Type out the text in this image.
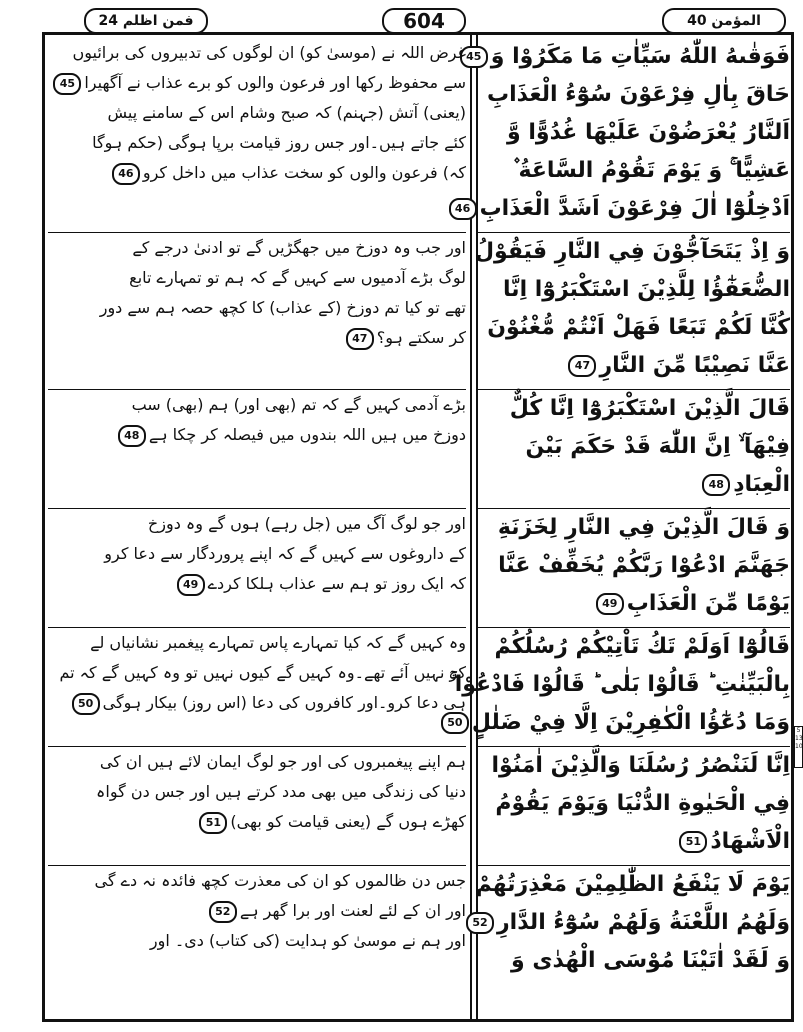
فمن اظلم 24	604	المؤمن 40
فَوَقٰىهُ اللّٰهُ سَيِّاٰتِ مَا مَكَرُوْا وَ45
حَاقَ بِاٰلِ فِرْعَوْنَ سُوْٓءُ الْعَذَابِ
اَلنَّارُ يُعْرَضُوْنَ عَلَيْهَا غُدُوًّا وَّ
عَشِيًّا ۚ وَ يَوْمَ تَقُوْمُ السَّاعَةُ ۫
اَدْخِلُوْٓا اٰلَ فِرْعَوْنَ اَشَدَّ الْعَذَابِ46
وَ اِذْ يَتَحَآجُّوْنَ فِي النَّارِ فَيَقُوْلُ
الضُّعَفٰٓؤُا لِلَّذِيْنَ اسْتَكْبَرُوْٓا اِنَّا
كُنَّا لَكُمْ تَبَعًا فَهَلْ اَنْتُمْ مُّغْنُوْنَ
عَنَّا نَصِيْبًا مِّنَ النَّارِ47
قَالَ الَّذِيْنَ اسْتَكْبَرُوْٓا اِنَّا كُلٌّ
فِيْهَآ ۙ اِنَّ اللّٰهَ قَدْ حَكَمَ بَيْنَ
الْعِبَادِ48
وَ قَالَ الَّذِيْنَ فِي النَّارِ لِخَزَنَةِ
جَهَنَّمَ ادْعُوْا رَبَّكُمْ يُخَفِّفْ عَنَّا
يَوْمًا مِّنَ الْعَذَابِ49
قَالُوْٓا اَوَلَمْ تَكُ تَاْتِيْكُمْ رُسُلُكُمْ
بِالْبَيِّنٰتِ ؕ قَالُوْا بَلٰى ؕ قَالُوْا فَادْعُوْا ۚ
وَمَا دُعٰٓؤُا الْكٰفِرِيْنَ اِلَّا فِيْ ضَلٰلٍ50
اِنَّا لَنَنْصُرُ رُسُلَنَا وَالَّذِيْنَ اٰمَنُوْا
فِي الْحَيٰوةِ الدُّنْيَا وَيَوْمَ يَقُوْمُ
الْاَشْهَادُ51
يَوْمَ لَا يَنْفَعُ الظّٰلِمِيْنَ مَعْذِرَتُهُمْ
وَلَهُمُ اللَّعْنَةُ وَلَهُمْ سُوْٓءُ الدَّارِ52
وَ لَقَدْ اٰتَيْنَا مُوْسَى الْهُدٰى وَ
غرض اللہ نے (موسیٰ کو) ان لوگوں کی تدبیروں کی برائیوں
سے محفوظ رکھا اور فرعون والوں کو برے عذاب نے آگھیرا45
(یعنی) آتش (جہنم) کہ صبح وشام اس کے سامنے پیش
کئے جاتے ہیں۔اور جس روز قیامت برپا ہوگی (حکم ہوگا
کہ) فرعون والوں کو سخت عذاب میں داخل کرو46
اور جب وہ دوزخ میں جھگڑیں گے تو ادنیٰ درجے کے
لوگ بڑے آدمیوں سے کہیں گے کہ ہم تو تمہارے تابع
تھے تو کیا تم دوزخ (کے عذاب) کا کچھ حصہ ہم سے دور
کر سکتے ہو؟47
بڑے آدمی کہیں گے کہ تم (بھی اور) ہم (بھی) سب
دوزخ میں ہیں اللہ بندوں میں فیصلہ کر چکا ہے48
اور جو لوگ آگ میں (جل رہے) ہوں گے وہ دوزخ
کے داروغوں سے کہیں گے کہ اپنے پروردگار سے دعا کرو
کہ ایک روز تو ہم سے عذاب ہلکا کردے49
وہ کہیں گے کہ کیا تمہارے پاس تمہارے پیغمبر نشانیاں لے
کر نہیں آئے تھے۔وہ کہیں گے کیوں نہیں تو وہ کہیں گے کہ تم
ہی دعا کرو۔اور کافروں کی دعا (اس روز) بیکار ہوگی50
ہم اپنے پیغمبروں کی اور جو لوگ ایمان لائے ہیں ان کی
دنیا کی زندگی میں بھی مدد کرتے ہیں اور جس دن گواہ
کھڑے ہوں گے (یعنی قیامت کو بھی)51
جس دن ظالموں کو ان کی معذرت کچھ فائدہ نہ دے گی
اور ان کے لئے لعنت اور برا گھر ہے52
اور ہم نے موسیٰ کو ہدایت (کی کتاب) دی۔ اور
5 13 10
